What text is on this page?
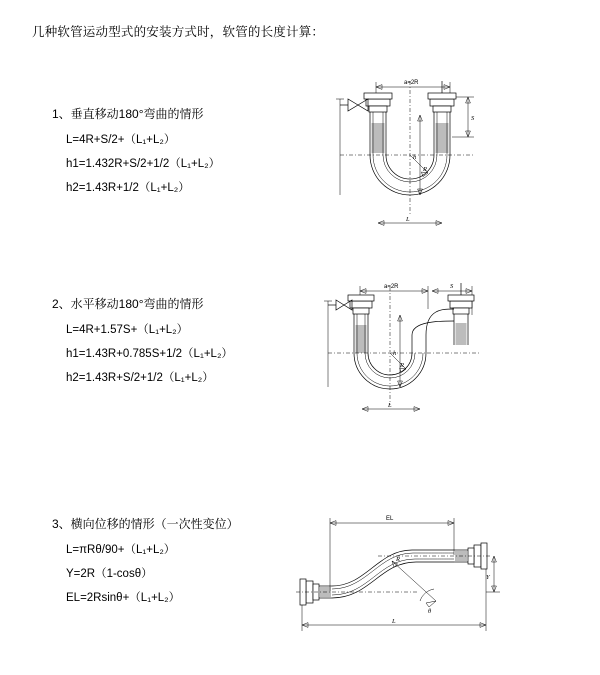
几种软管运动型式的安装方式时，软管的长度计算：
1、垂直移动180°弯曲的情形
L=4R+S/2+（L₁+L₂）
h1=1.432R+S/2+1/2（L₁+L₂）
h2=1.43R+1/2（L₁+L₂）
a=2R
S
R
h
L
2、水平移动180°弯曲的情形
L=4R+1.57S+（L₁+L₂）
h1=1.43R+0.785S+1/2（L₁+L₂）
h2=1.43R+S/2+1/2（L₁+L₂）
a=2R	S
R
h
L
3、横向位移的情形（一次性变位）
L=πRθ/90+（L₁+L₂）
Y=2R（1-cosθ）
EL=2Rsinθ+（L₁+L₂）
EL
R
θ
Y
L
